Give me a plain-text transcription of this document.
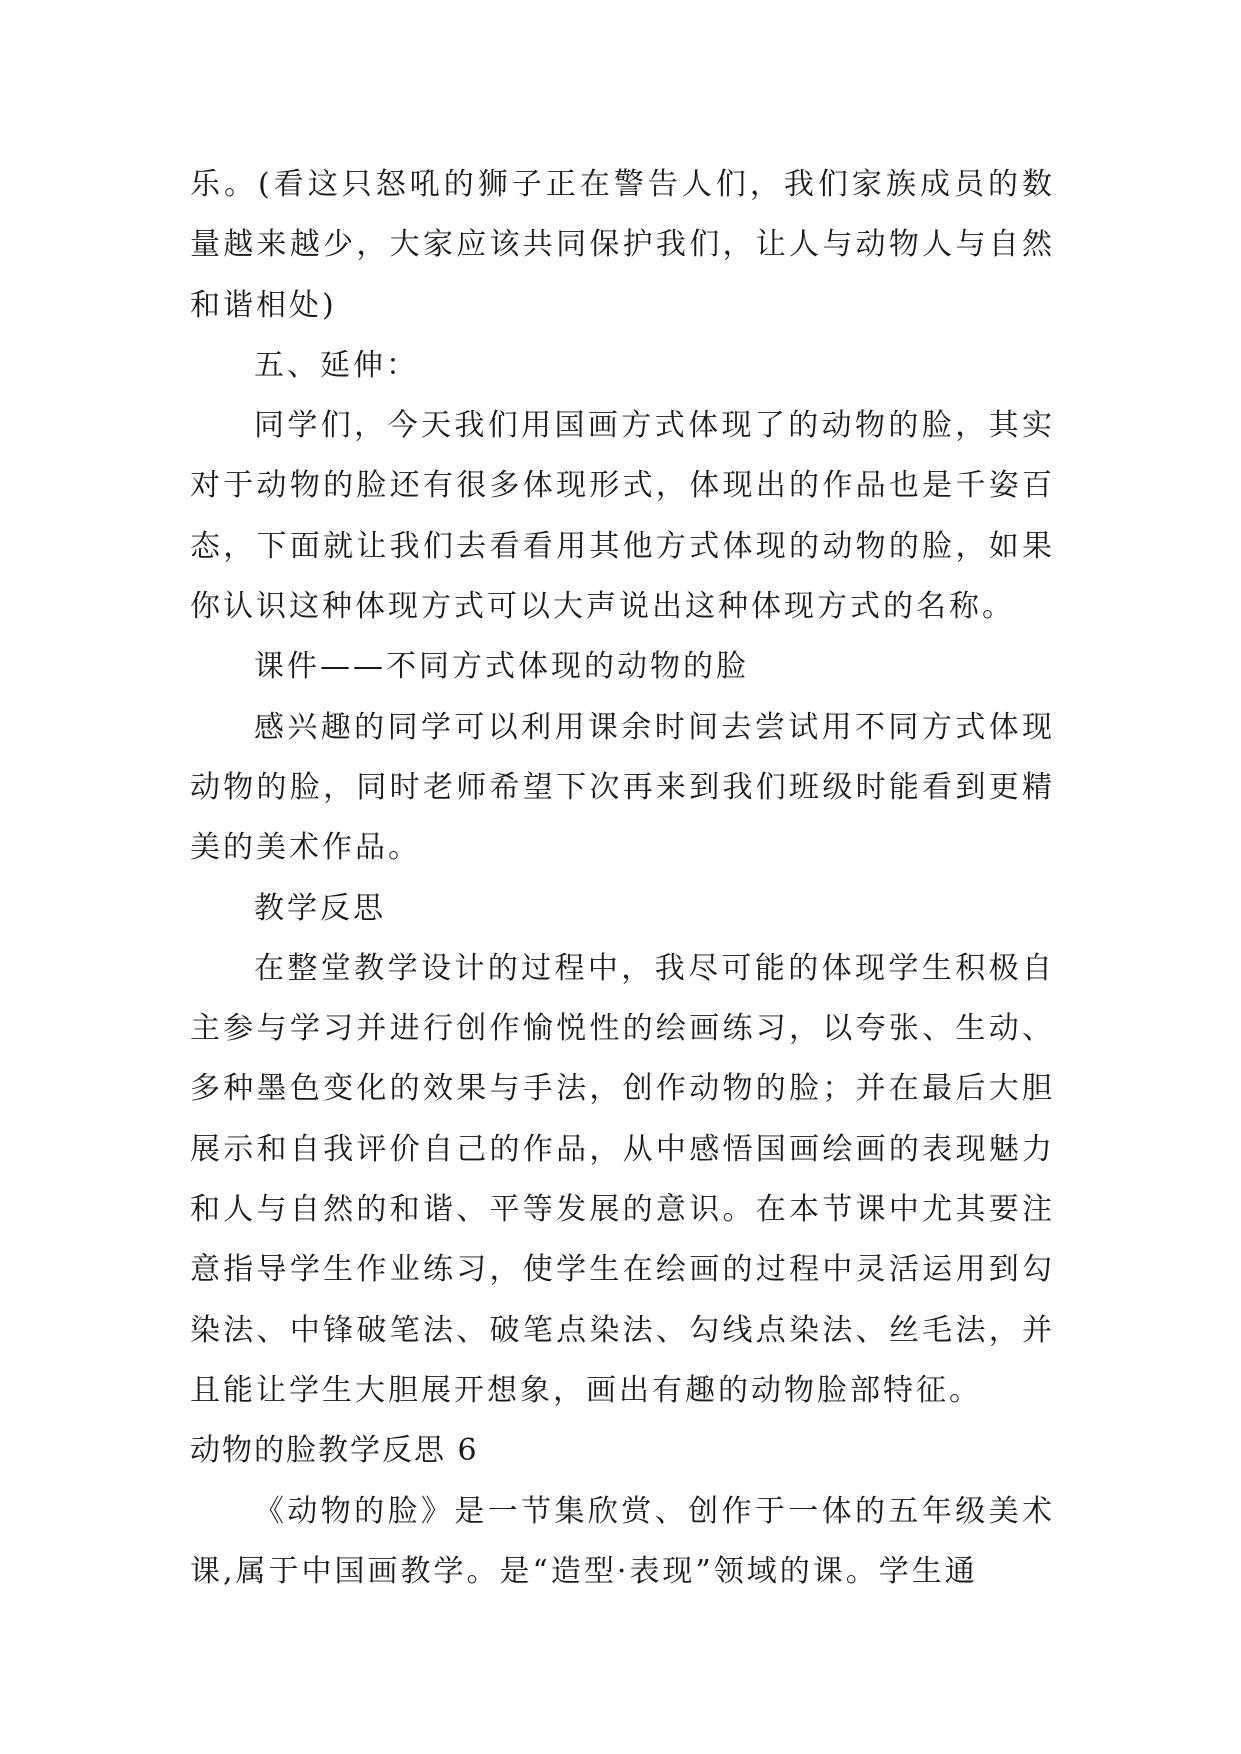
乐。(看这只怒吼的狮子正在警告人们，我们家族成员的数量越来越少，大家应该共同保护我们，让人与动物人与自然和谐相处)

五、延伸：

同学们，今天我们用国画方式体现了的动物的脸，其实对于动物的脸还有很多体现形式，体现出的作品也是千姿百态，下面就让我们去看看用其他方式体现的动物的脸，如果你认识这种体现方式可以大声说出这种体现方式的名称。

课件——不同方式体现的动物的脸

感兴趣的同学可以利用课余时间去尝试用不同方式体现动物的脸，同时老师希望下次再来到我们班级时能看到更精美的美术作品。

教学反思

在整堂教学设计的过程中，我尽可能的体现学生积极自主参与学习并进行创作愉悦性的绘画练习，以夸张、生动、多种墨色变化的效果与手法，创作动物的脸；并在最后大胆展示和自我评价自己的作品，从中感悟国画绘画的表现魅力和人与自然的和谐、平等发展的意识。在本节课中尤其要注意指导学生作业练习，使学生在绘画的过程中灵活运用到勾染法、中锋破笔法、破笔点染法、勾线点染法、丝毛法，并且能让学生大胆展开想象，画出有趣的动物脸部特征。

动物的脸教学反思 6

《动物的脸》是一节集欣赏、创作于一体的五年级美术课,属于中国画教学。是“造型·表现”领域的课。学生通
